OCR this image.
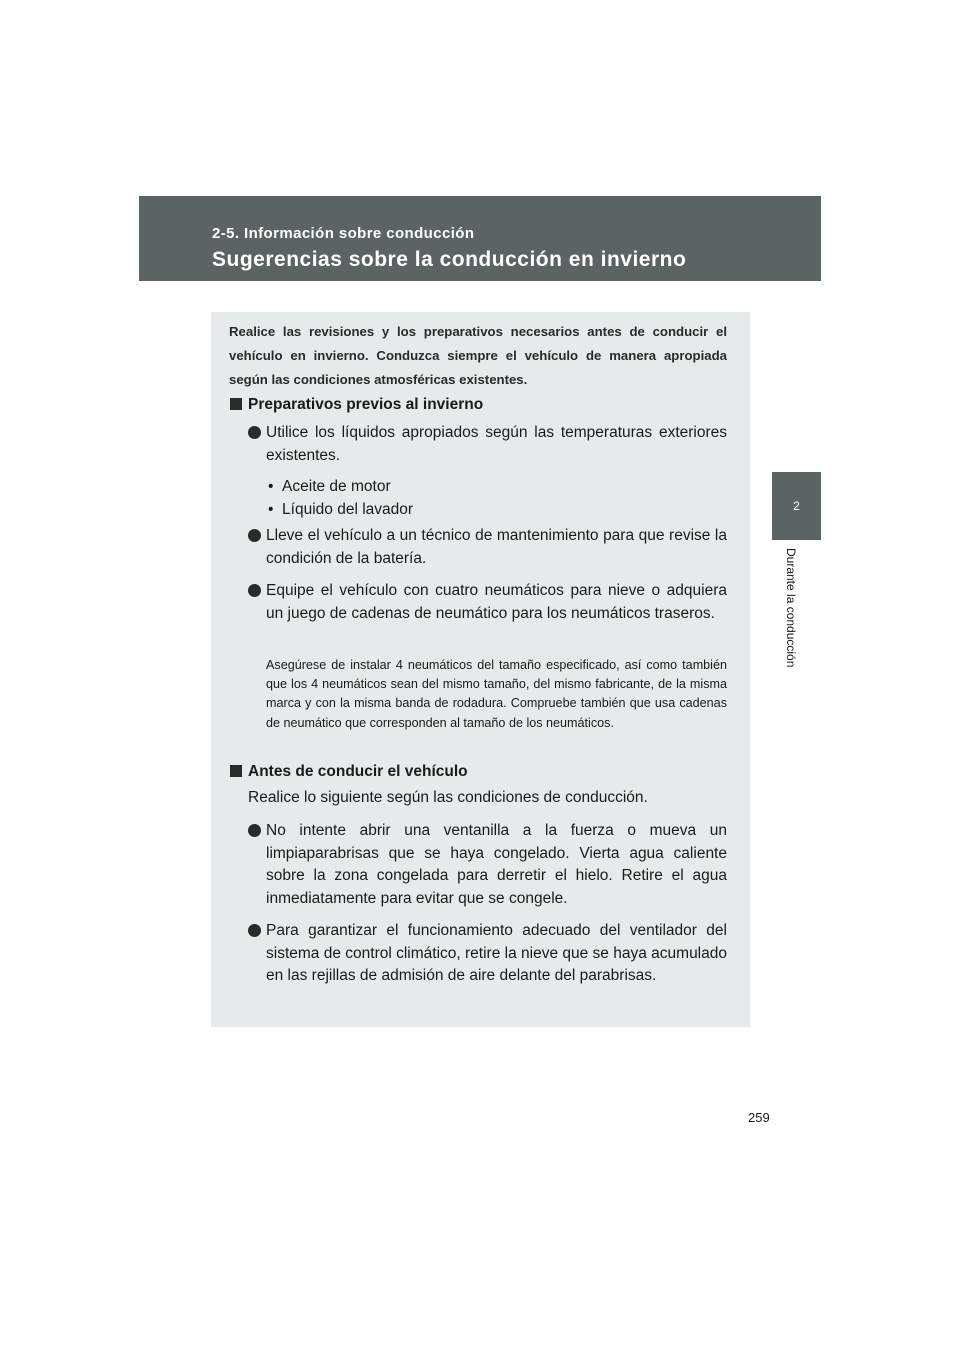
2-5. Información sobre conducción
Sugerencias sobre la conducción en invierno
2
Durante la conducción
Realice las revisiones y los preparativos necesarios antes de conducir el vehículo en invierno. Conduzca siempre el vehículo de manera apropiada según las condiciones atmosféricas existentes.
Preparativos previos al invierno
Utilice los líquidos apropiados según las temperaturas exteriores existentes.
•  Aceite de motor
•  Líquido del lavador
Lleve el vehículo a un técnico de mantenimiento para que revise la condición de la batería.
Equipe el vehículo con cuatro neumáticos para nieve o adquiera un juego de cadenas de neumático para los neumáticos traseros.
Asegúrese de instalar 4 neumáticos del tamaño especificado, así como también que los 4 neumáticos sean del mismo tamaño, del mismo fabricante, de la misma marca y con la misma banda de rodadura. Compruebe también que usa cadenas de neumático que corresponden al tamaño de los neumáticos.
Antes de conducir el vehículo
Realice lo siguiente según las condiciones de conducción.
No intente abrir una ventanilla a la fuerza o mueva un limpiaparabrisas que se haya congelado. Vierta agua caliente sobre la zona congelada para derretir el hielo. Retire el agua inmediatamente para evitar que se congele.
Para garantizar el funcionamiento adecuado del ventilador del sistema de control climático, retire la nieve que se haya acumulado en las rejillas de admisión de aire delante del parabrisas.
259
